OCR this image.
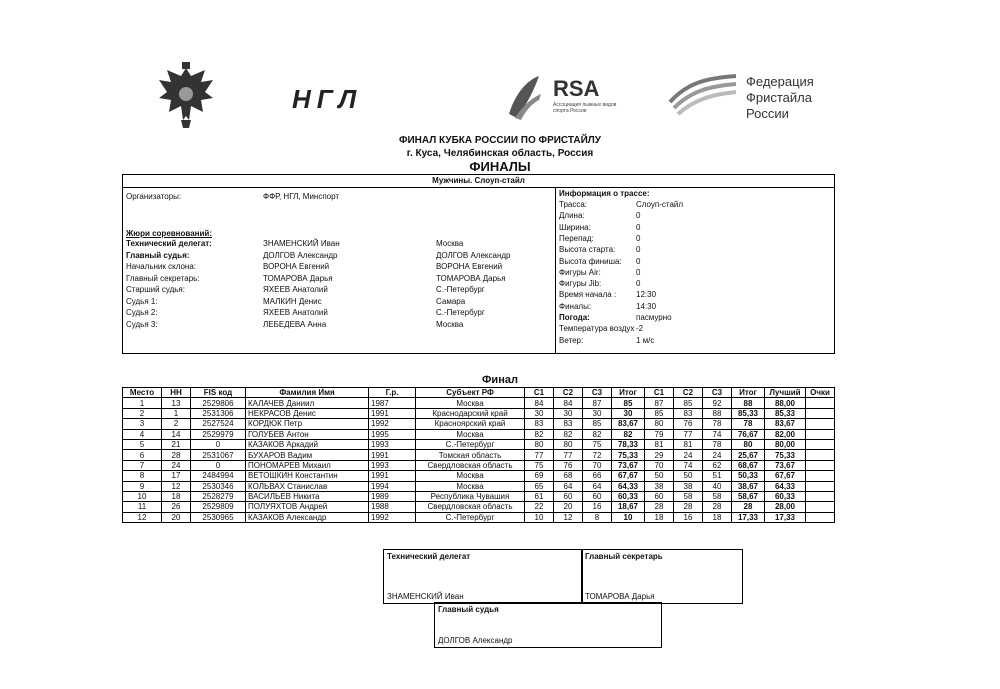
НГЛ	RSA
Ассоциация лыжных видов спорта России
Федерация
Фристайла
России
ФИНАЛ КУБКА РОССИИ ПО ФРИСТАЙЛУ
г. Куса, Челябинская область, Россия
ФИНАЛЫ
Мужчины. Слоуп-стайл
Организаторы:	ФФР, НГЛ, Минспорт
Жюри соревнований:
Технический делегат:	ЗНАМЕНСКИЙ Иван	Москва
Главный судья:	ДОЛГОВ Александр	ДОЛГОВ Александр
Начальник склона:	ВОРОНА Евгений	ВОРОНА Евгений
Главный секретарь:	ТОМАРОВА Дарья	ТОМАРОВА Дарья
Старший судья:	ЯХЕЕВ Анатолий	С.-Петербург
Судья 1:	МАЛКИН Денис	Самара
Судья 2:	ЯХЕЕВ Анатолий	С.-Петербург
Судья 3:	ЛЕБЕДЕВА Анна	Москва
Информация о трассе:
Трасса:	Слоуп-стайл
Длина:	0
Ширина:	0
Перепад:	0
Высота старта:	0
Высота финиша: 0
Фигуры Air:	0
Фигуры Jib:	0
Время начала : 12:30
Финалы:	14:30
Погода:	пасмурно
Температура воздух -2
Ветер:	1 м/с
Финал
Место	НН	FIS код	Фамилия Имя	Г.р.	Субъект РФ	C1	C2	C3	Итог	C1	C2	C3	Итог	Лучший	Очки
1	13	2529806	КАЛАЧЕВ Даниил	1987	Москва	84	84	87	85	87	85	92	88	88,00	
2	1	2531306	НЕКРАСОВ Денис	1991	Краснодарский край	30	30	30	30	85	83	88	85,33	85,33	
3	2	2527524	КОРДЮК Петр	1992	Красноярский край	83	83	85	83,67	80	76	78	78	83,67	
4	14	2529979	ГОЛУБЕВ Антон	1995	Москва	82	82	82	82	79	77	74	76,67	82,00	
5	21	0	КАЗАКОВ Аркадий	1993	С.-Петербург	80	80	75	78,33	81	81	78	80	80,00	
6	28	2531067	БУХАРОВ Вадим	1991	Томская область	77	77	72	75,33	29	24	24	25,67	75,33	
7	24	0	ПОНОМАРЕВ Михаил	1993	Свердловская область	75	76	70	73,67	70	74	62	68,67	73,67	
8	17	2484994	ВЕТОШКИН Константин	1991	Москва	69	68	66	67,67	50	50	51	50,33	67,67	
9	12	2530346	КОЛЬВАХ Станислав	1994	Москва	65	64	64	64,33	38	38	40	38,67	64,33	
10	18	2528279	ВАСИЛЬЕВ Никита	1989	Республика Чувашия	61	60	60	60,33	60	58	58	58,67	60,33	
11	26	2529809	ПОЛУЯХТОВ Андрей	1988	Свердловская область	22	20	16	18,67	28	28	28	28	28,00	
12	20	2530965	КАЗАКОВ Александр	1992	С.-Петербург	10	12	8	10	18	16	18	17,33	17,33	
Технический делегат
ЗНАМЕНСКИЙ Иван
Главный секретарь
ТОМАРОВА Дарья
Главный судья
ДОЛГОВ Александр
